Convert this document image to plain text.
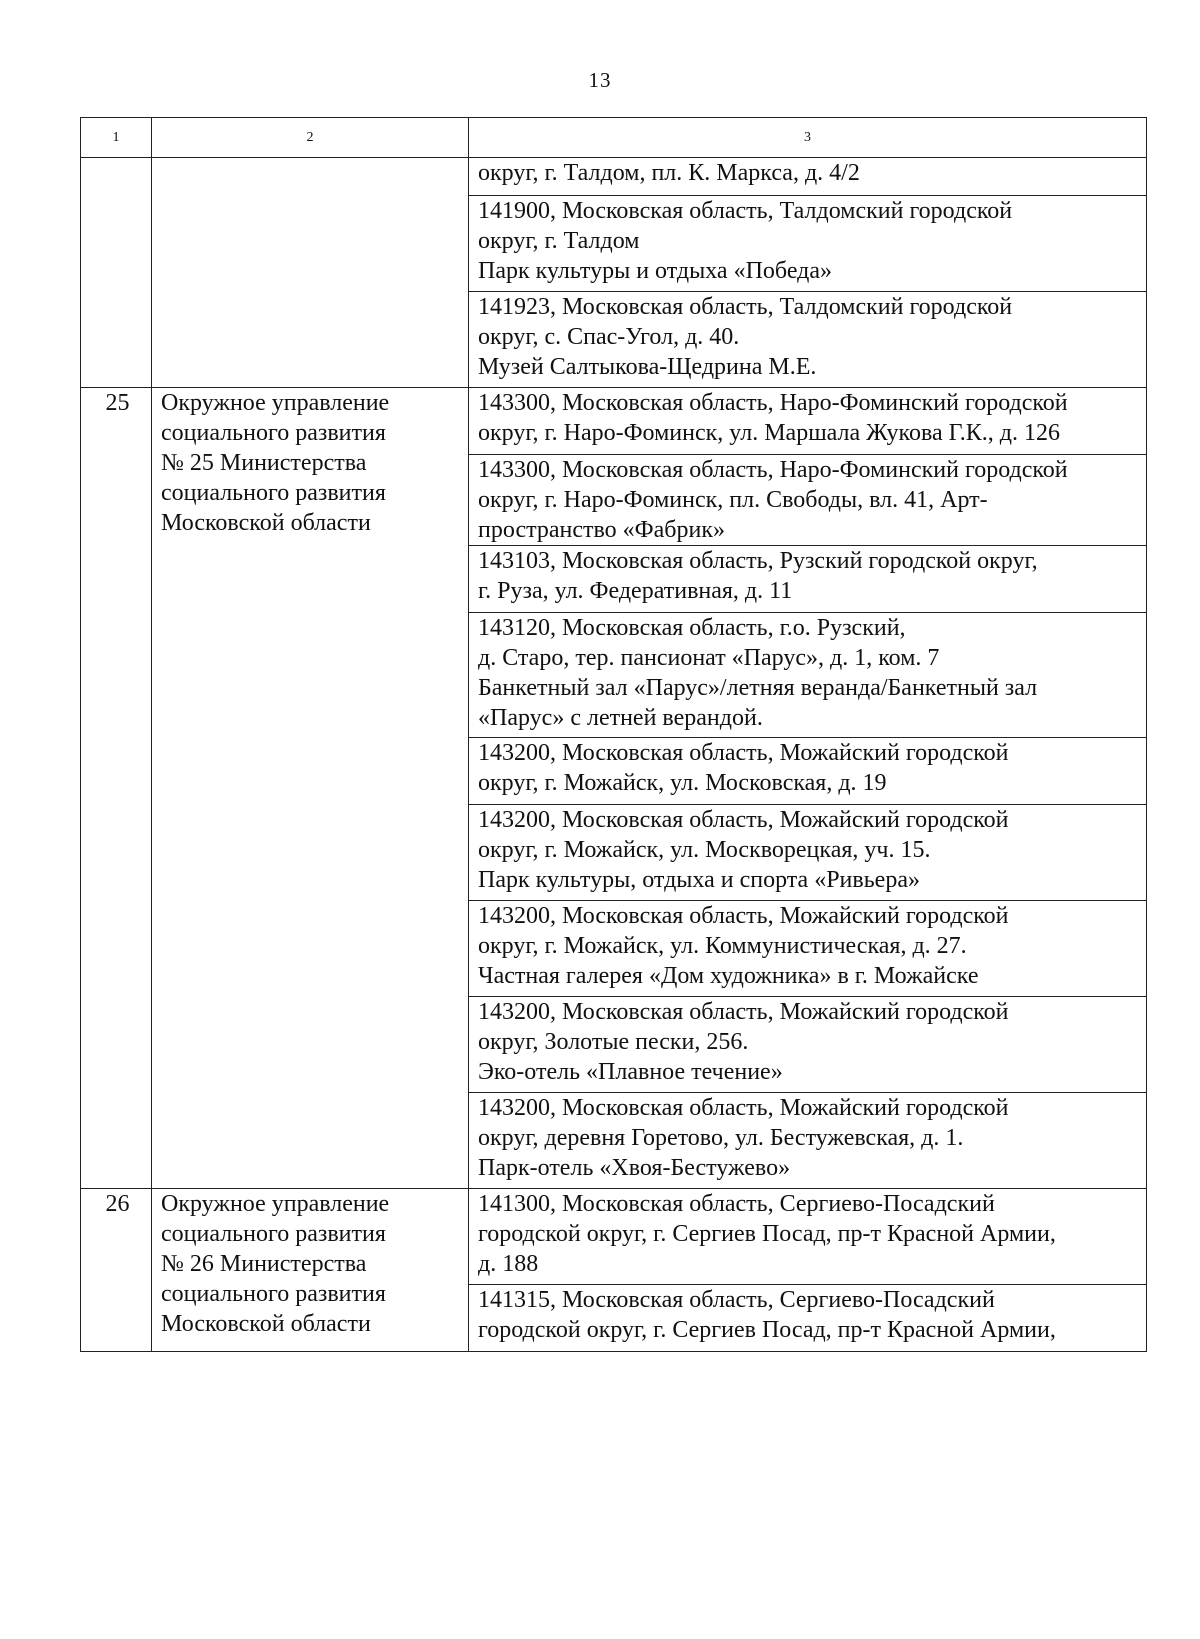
13
1	2	3
		округ, г. Талдом, пл. К. Маркса, д. 4/2
		141900, Московская область, Талдомский городской
округ, г. Талдом
Парк культуры и отдыха «Победа»
		141923, Московская область, Талдомский городской
округ, с. Спас-Угол, д. 40.
Музей Салтыкова-Щедрина М.Е.
25	Окружное управление
социального развития
№ 25 Министерства
социального развития
Московской области	143300, Московская область, Наро-Фоминский городской
округ, г. Наро-Фоминск, ул. Маршала Жукова Г.К., д. 126
		143300, Московская область, Наро-Фоминский городской
округ, г. Наро-Фоминск, пл. Свободы, вл. 41, Арт-
пространство «Фабрик»
		143103, Московская область, Рузский городской округ,
г. Руза, ул. Федеративная, д. 11
		143120, Московская область, г.о. Рузский,
д. Старо, тер. пансионат «Парус», д. 1, ком. 7
Банкетный зал «Парус»/летняя веранда/Банкетный зал
«Парус» с летней верандой.
		143200, Московская область, Можайский городской
округ, г. Можайск, ул. Московская, д. 19
		143200, Московская область, Можайский городской
округ, г. Можайск, ул. Москворецкая, уч. 15.
Парк культуры, отдыха и спорта «Ривьера»
		143200, Московская область, Можайский городской
округ, г. Можайск, ул. Коммунистическая, д. 27.
Частная галерея «Дом художника» в г. Можайске
		143200, Московская область, Можайский городской
округ, Золотые пески, 256.
Эко-отель «Плавное течение»
		143200, Московская область, Можайский городской
округ, деревня Горетово, ул. Бестужевская, д. 1.
Парк-отель «Хвоя-Бестужево»
26	Окружное управление
социального развития
№ 26 Министерства
социального развития
Московской области	141300, Московская область, Сергиево-Посадский
городской округ, г. Сергиев Посад, пр-т Красной Армии,
д. 188
		141315, Московская область, Сергиево-Посадский
городской округ, г. Сергиев Посад, пр-т Красной Армии,
